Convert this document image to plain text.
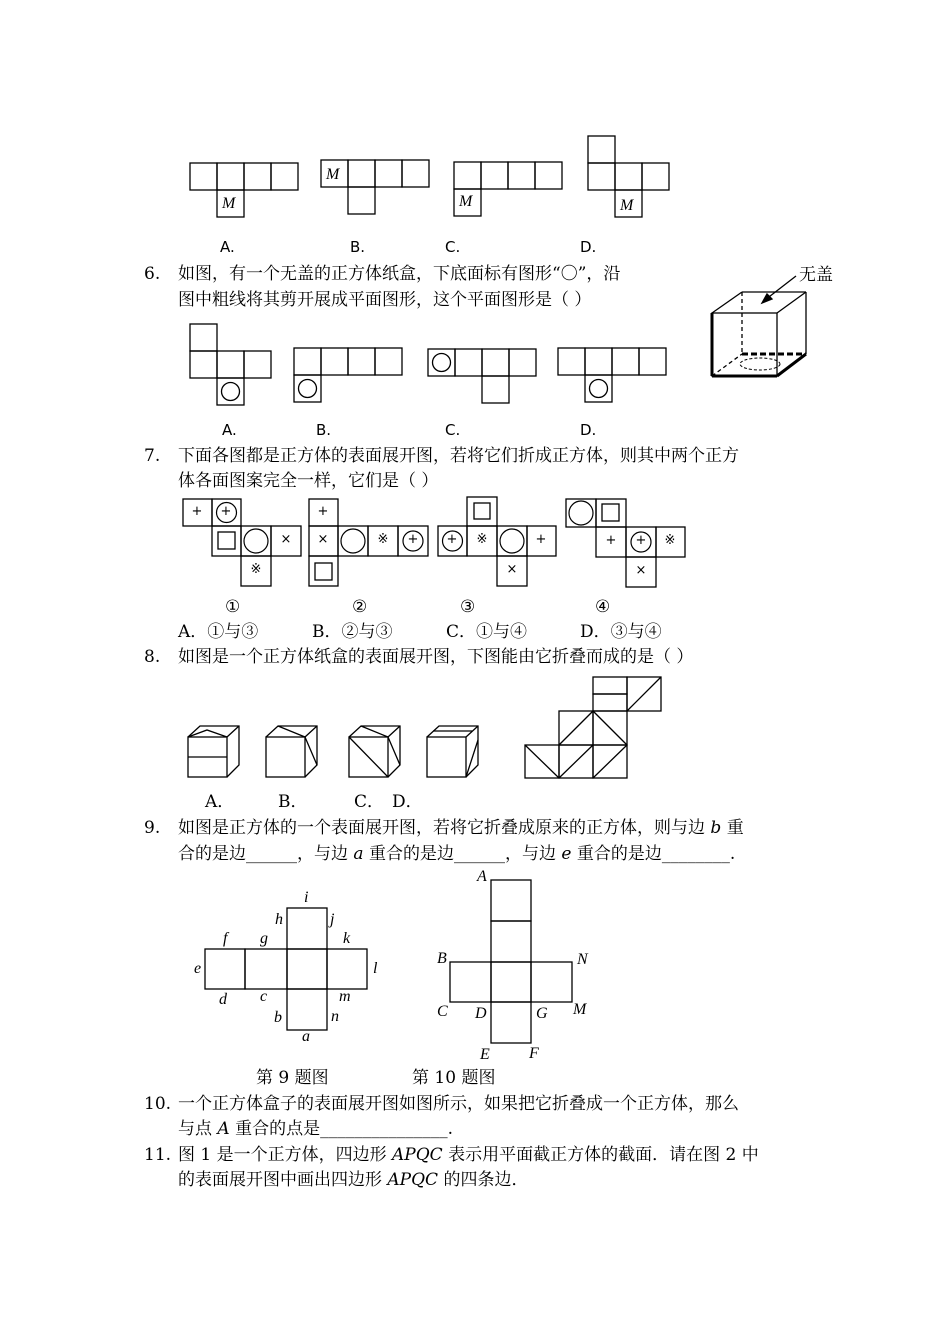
M
M
M	M
A.	B.	C.	D.
6. 如图，有一个无盖的正方体纸盒，下底面标有图形“〇”，沿
图中粗线将其剪开展成平面图形，这个平面图形是（ ）
无盖
A.	B.	C.	D.
7. 下面各图都是正方体的表面展开图，若将它们折成正方体，则其中两个正方
体各面图案完全一样，它们是（ ）
+	+
×
※
+
×	※	+	+	※	+
×
+	+	※
×
①	②	③	④
A．①与③	B．②与③	C．①与④	D．③与④
8. 如图是一个正方体纸盒的表面展开图，下图能由它折叠而成的是（ ）
A．	B．	C． D．
9. 如图是正方体的一个表面展开图，若将它折叠成原来的正方体，则与边 b 重
合的是边______，与边 a 重合的是边______，与边 e 重合的是边________.
i
h	j
f g	k
e	l
d c	m
b	n
a
A
B	N
C D	G M
E F
第 9 题图	第 10 题图
10. 一个正方体盒子的表面展开图如图所示，如果把它折叠成一个正方体，那么
与点 A 重合的点是_______________.
11. 图 1 是一个正方体，四边形 APQC 表示用平面截正方体的截面．请在图 2 中
的表面展开图中画出四边形 APQC 的四条边．
